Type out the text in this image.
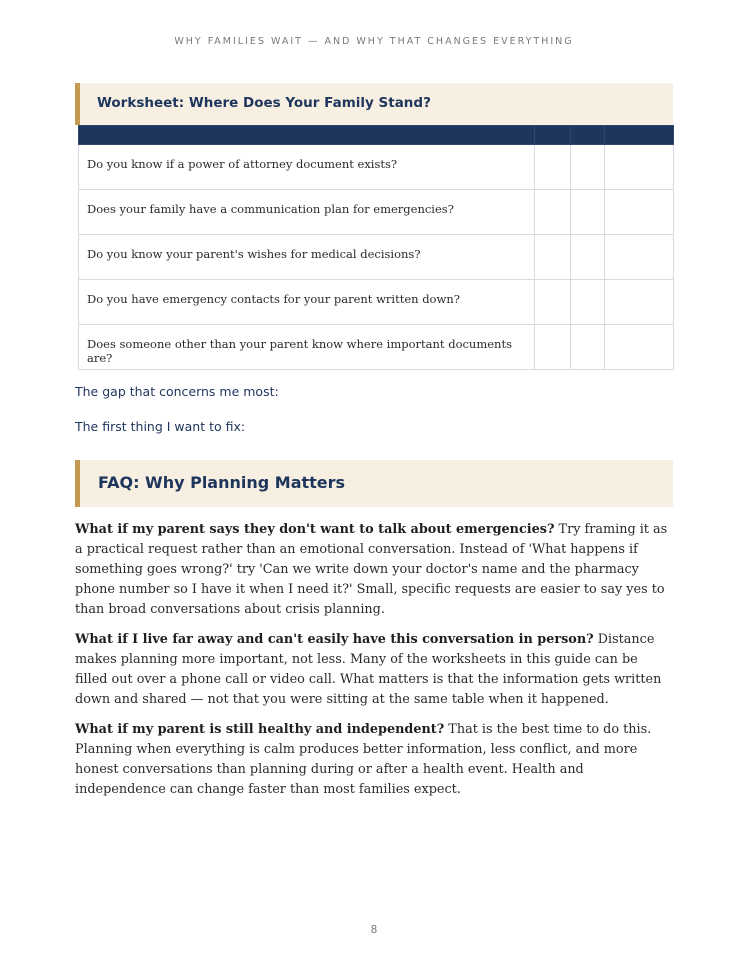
WHY FAMILIES WAIT — AND WHY THAT CHANGES EVERYTHING
Worksheet: Where Does Your Family Stand?

Do you know if a power of attorney document exists?			
Does your family have a communication plan for emergencies?			
Do you know your parent's wishes for medical decisions?			
Do you have emergency contacts for your parent written down?			
Does someone other than your parent know where important documents are?			
The gap that concerns me most:
The first thing I want to fix:
FAQ: Why Planning Matters

What if my parent says they don't want to talk about emergencies? Try framing it as a practical request rather than an emotional conversation. Instead of 'What happens if something goes wrong?' try 'Can we write down your doctor's name and the pharmacy phone number so I have it when I need it?' Small, specific requests are easier to say yes to than broad conversations about crisis planning.

What if I live far away and can't easily have this conversation in person? Distance makes planning more important, not less. Many of the worksheets in this guide can be filled out over a phone call or video call. What matters is that the information gets written down and shared — not that you were sitting at the same table when it happened.

What if my parent is still healthy and independent? That is the best time to do this. Planning when everything is calm produces better information, less conflict, and more honest conversations than planning during or after a health event. Health and independence can change faster than most families expect.

8
